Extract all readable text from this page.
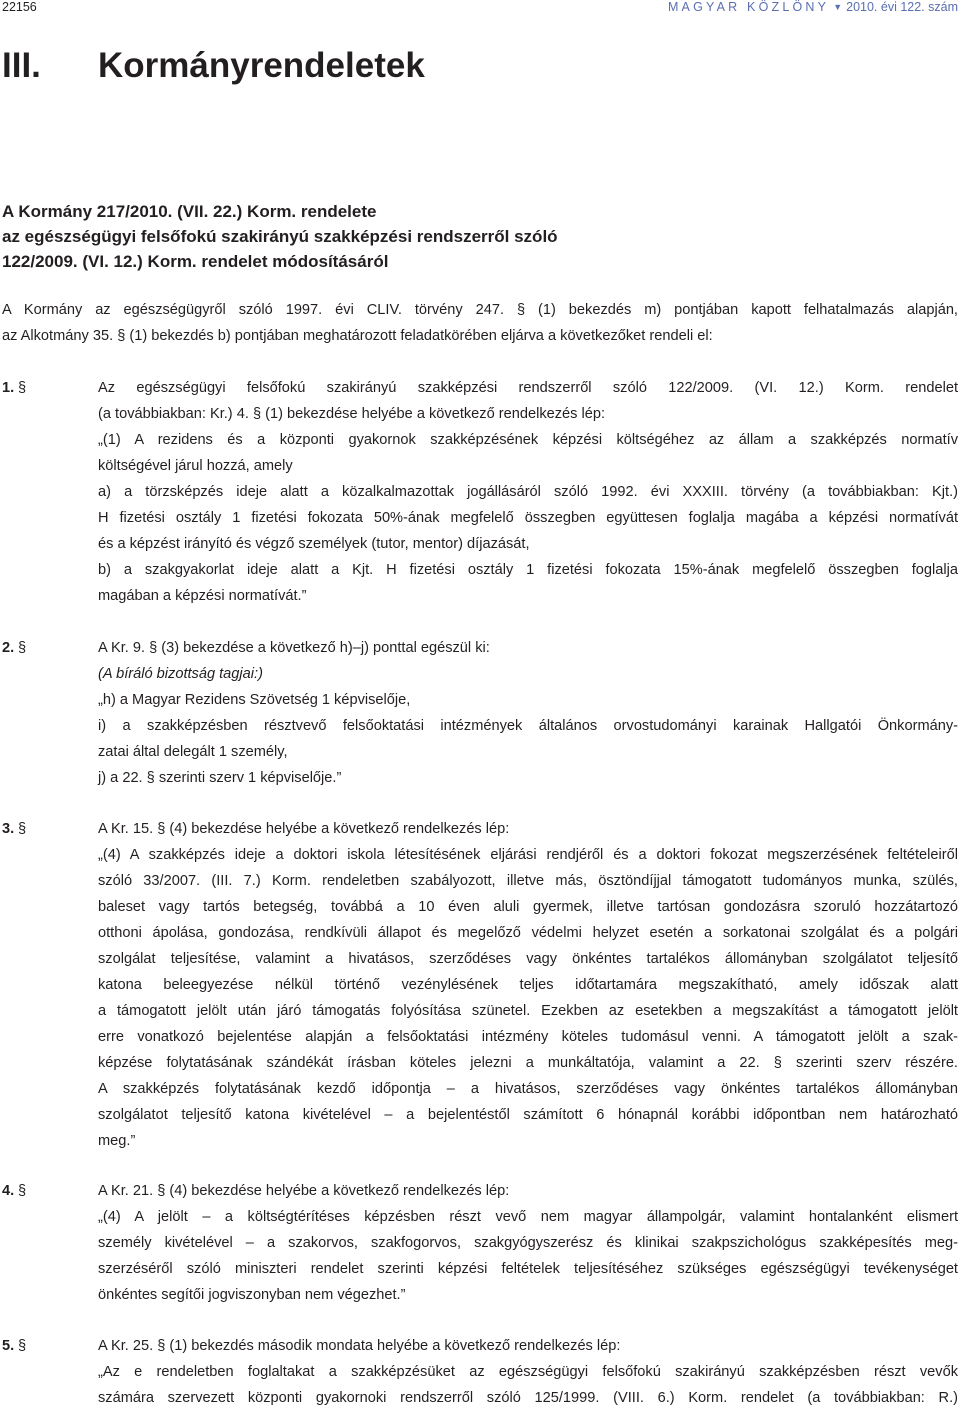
22156	MAGYAR KÖZLÖNY ▼ 2010. évi 122. szám
III. Kormányrendeletek
A Kormány 217/2010. (VII. 22.) Korm. rendelete
az egészségügyi felsőfokú szakirányú szakképzési rendszerről szóló
122/2009. (VI. 12.) Korm. rendelet módosításáról
A Kormány az egészségügyről szóló 1997. évi CLIV. törvény 247. § (1) bekezdés m) pontjában kapott felhatalmazás alapján,
az Alkotmány 35. § (1) bekezdés b) pontjában meghatározott feladatkörében eljárva a következőket rendeli el:
1. §	Az egészségügyi felsőfokú szakirányú szakképzési rendszerről szóló 122/2009. (VI. 12.) Korm. rendelet
(a továbbiakban: Kr.) 4. § (1) bekezdése helyébe a következő rendelkezés lép:
„(1) A rezidens és a központi gyakornok szakképzésének képzési költségéhez az állam a szakképzés normatív
költségével járul hozzá, amely
a) a törzsképzés ideje alatt a közalkalmazottak jogállásáról szóló 1992. évi XXXIII. törvény (a továbbiakban: Kjt.)
H fizetési osztály 1 fizetési fokozata 50%-ának megfelelő összegben együttesen foglalja magába a képzési normatívát
és a képzést irányító és végző személyek (tutor, mentor) díjazását,
b) a szakgyakorlat ideje alatt a Kjt. H fizetési osztály 1 fizetési fokozata 15%-ának megfelelő összegben foglalja
magában a képzési normatívát.”
2. §	A Kr. 9. § (3) bekezdése a következő h)–j) ponttal egészül ki:
(A bíráló bizottság tagjai:)
„h) a Magyar Rezidens Szövetség 1 képviselője,
i) a szakképzésben résztvevő felsőoktatási intézmények általános orvostudományi karainak Hallgatói Önkormány-
zatai által delegált 1 személy,
j) a 22. § szerinti szerv 1 képviselője.”
3. §	A Kr. 15. § (4) bekezdése helyébe a következő rendelkezés lép:
„(4) A szakképzés ideje a doktori iskola létesítésének eljárási rendjéről és a doktori fokozat megszerzésének feltételeiről
szóló 33/2007. (III. 7.) Korm. rendeletben szabályozott, illetve más, ösztöndíjjal támogatott tudományos munka, szülés,
baleset vagy tartós betegség, továbbá a 10 éven aluli gyermek, illetve tartósan gondozásra szoruló hozzátartozó
otthoni ápolása, gondozása, rendkívüli állapot és megelőző védelmi helyzet esetén a sorkatonai szolgálat és a polgári
szolgálat teljesítése, valamint a hivatásos, szerződéses vagy önkéntes tartalékos állományban szolgálatot teljesítő
katona beleegyezése nélkül történő vezénylésének teljes időtartamára megszakítható, amely időszak alatt
a támogatott jelölt után járó támogatás folyósítása szünetel. Ezekben az esetekben a megszakítást a támogatott jelölt
erre vonatkozó bejelentése alapján a felsőoktatási intézmény köteles tudomásul venni. A támogatott jelölt a szak-
képzése folytatásának szándékát írásban köteles jelezni a munkáltatója, valamint a 22. § szerinti szerv részére.
A szakképzés folytatásának kezdő időpontja – a hivatásos, szerződéses vagy önkéntes tartalékos állományban
szolgálatot teljesítő katona kivételével – a bejelentéstől számított 6 hónapnál korábbi időpontban nem határozható
meg.”
4. §	A Kr. 21. § (4) bekezdése helyébe a következő rendelkezés lép:
„(4) A jelölt – a költségtérítéses képzésben részt vevő nem magyar állampolgár, valamint hontalanként elismert
személy kivételével – a szakorvos, szakfogorvos, szakgyógyszerész és klinikai szakpszichológus szakképesítés meg-
szerzéséről szóló miniszteri rendelet szerinti képzési feltételek teljesítéséhez szükséges egészségügyi tevékenységet
önkéntes segítői jogviszonyban nem végezhet.”
5. §	A Kr. 25. § (1) bekezdés második mondata helyébe a következő rendelkezés lép:
„Az e rendeletben foglaltakat a szakképzésüket az egészségügyi felsőfokú szakirányú szakképzésben részt vevők
számára szervezett központi gyakornoki rendszerről szóló 125/1999. (VIII. 6.) Korm. rendelet (a továbbiakban: R.)
